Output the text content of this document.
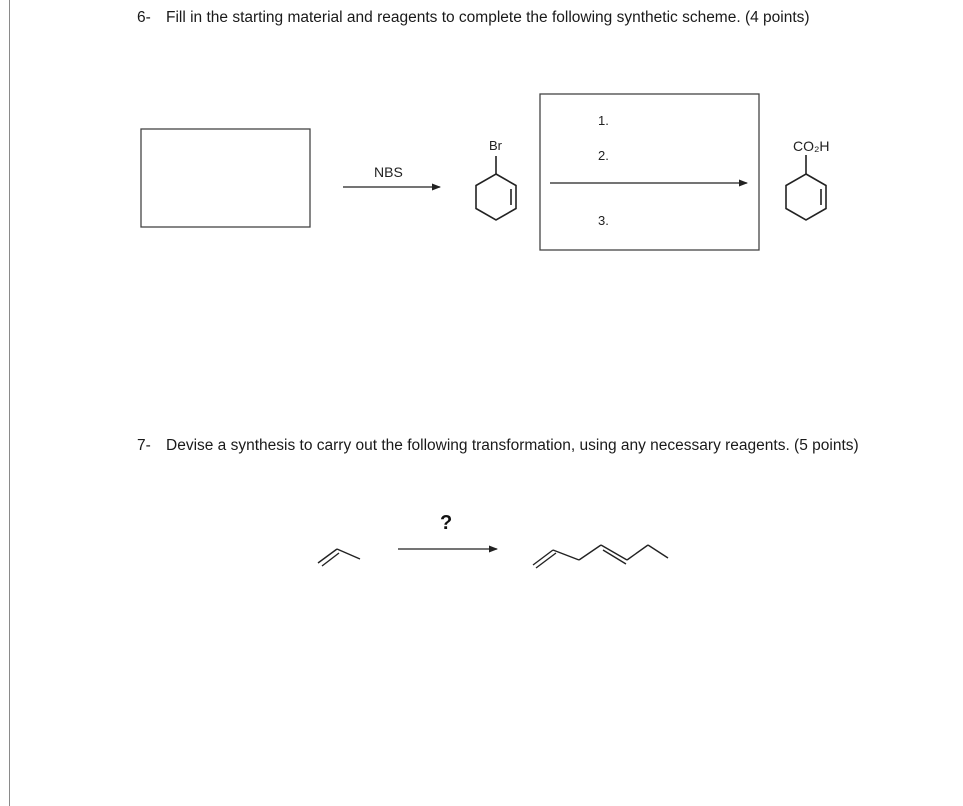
6- Fill in the starting material and reagents to complete the following synthetic scheme. (4 points)
NBS
Br
1.
2.
3.
CO₂H
7- Devise a synthesis to carry out the following transformation, using any necessary reagents. (5 points)
?
